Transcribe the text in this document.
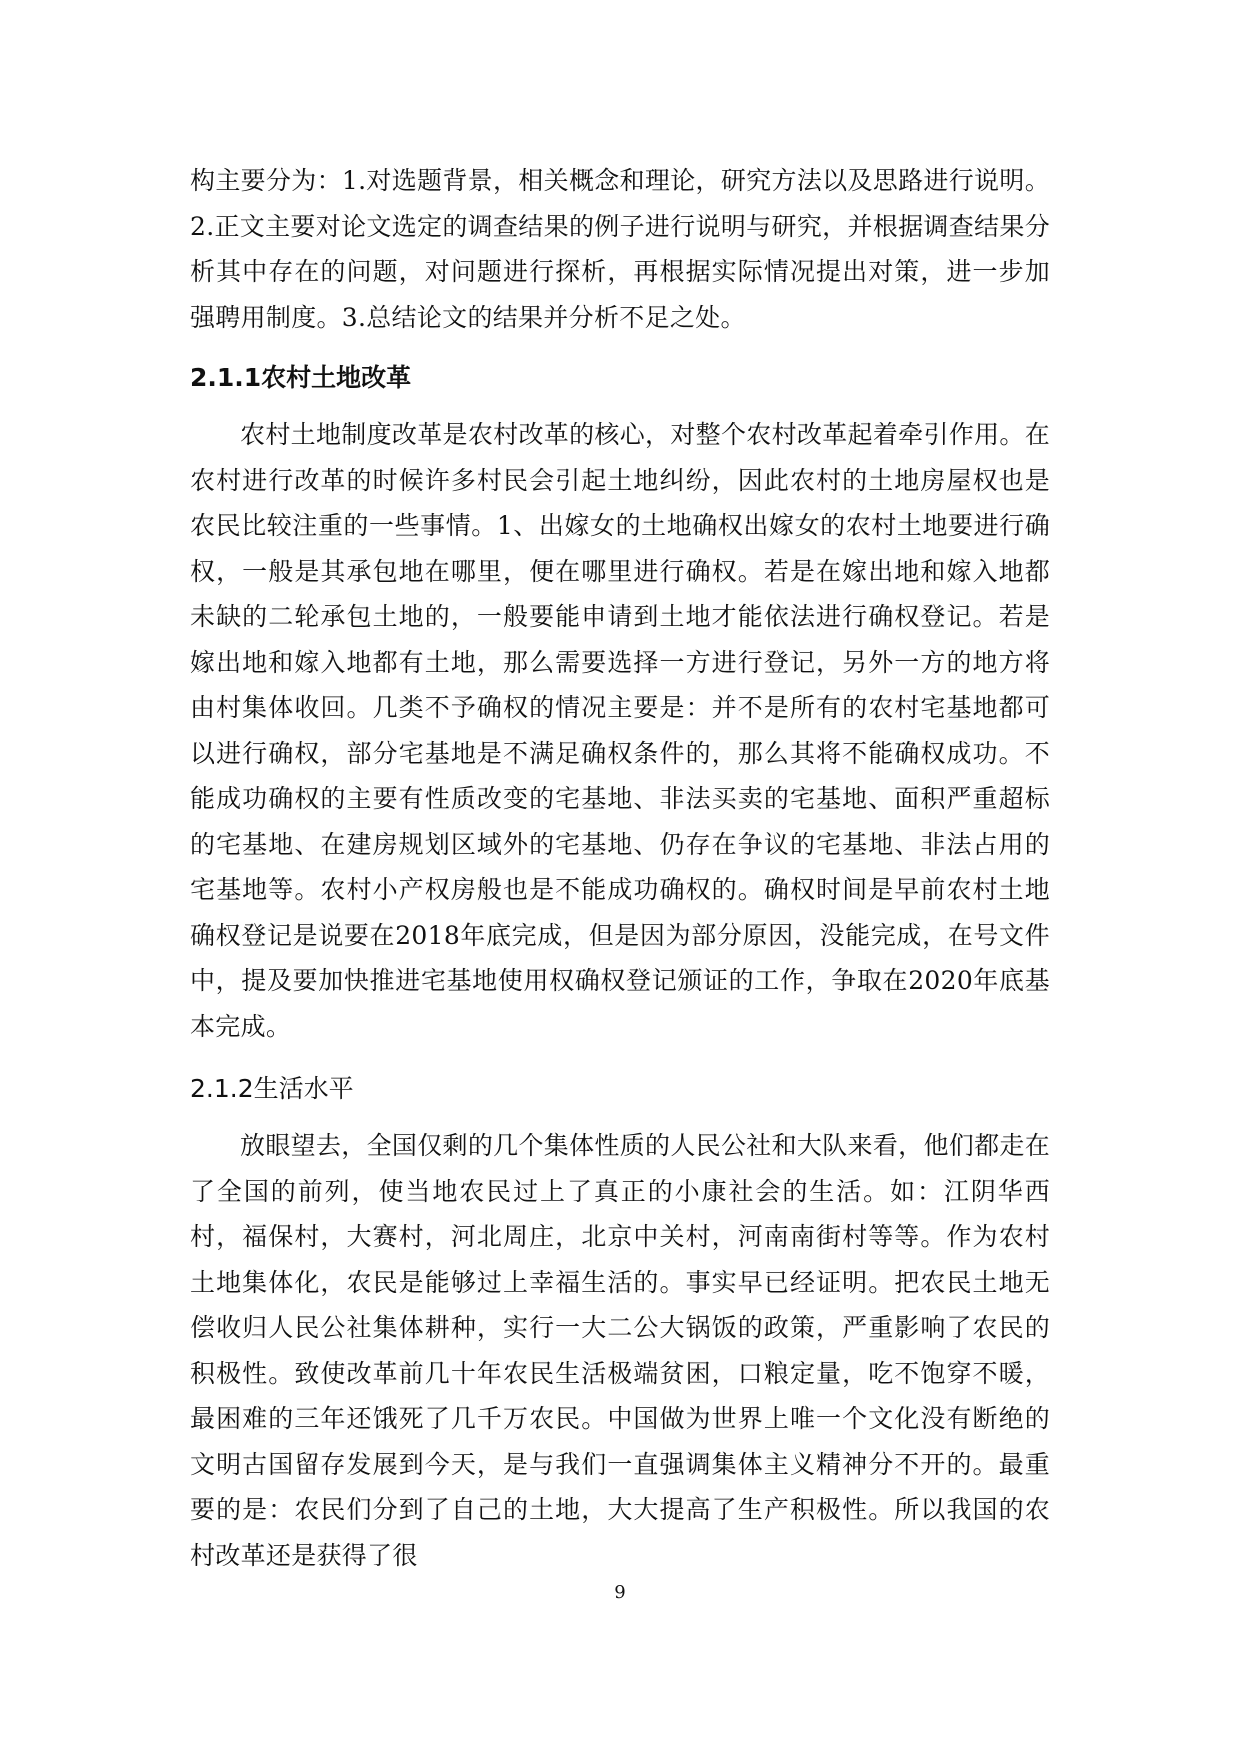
构主要分为：1.对选题背景，相关概念和理论，研究方法以及思路进行说明。2.正文主要对论文选定的调查结果的例子进行说明与研究，并根据调查结果分析其中存在的问题，对问题进行探析，再根据实际情况提出对策，进一步加强聘用制度。3.总结论文的结果并分析不足之处。

2.1.1农村土地改革

农村土地制度改革是农村改革的核心，对整个农村改革起着牵引作用。在农村进行改革的时候许多村民会引起土地纠纷，因此农村的土地房屋权也是农民比较注重的一些事情。1、出嫁女的土地确权出嫁女的农村土地要进行确权，一般是其承包地在哪里，便在哪里进行确权。若是在嫁出地和嫁入地都未缺的二轮承包土地的，一般要能申请到土地才能依法进行确权登记。若是嫁出地和嫁入地都有土地，那么需要选择一方进行登记，另外一方的地方将由村集体收回。几类不予确权的情况主要是：并不是所有的农村宅基地都可以进行确权，部分宅基地是不满足确权条件的，那么其将不能确权成功。不能成功确权的主要有性质改变的宅基地、非法买卖的宅基地、面积严重超标的宅基地、在建房规划区域外的宅基地、仍存在争议的宅基地、非法占用的宅基地等。农村小产权房般也是不能成功确权的。确权时间是早前农村土地确权登记是说要在2018年底完成，但是因为部分原因，没能完成，在号文件中，提及要加快推进宅基地使用权确权登记颁证的工作，争取在2020年底基本完成。

2.1.2生活水平

放眼望去，全国仅剩的几个集体性质的人民公社和大队来看，他们都走在了全国的前列，使当地农民过上了真正的小康社会的生活。如：江阴华西村，福保村，大赛村，河北周庄，北京中关村，河南南街村等等。作为农村土地集体化，农民是能够过上幸福生活的。事实早已经证明。把农民土地无偿收归人民公社集体耕种，实行一大二公大锅饭的政策，严重影响了农民的积极性。致使改革前几十年农民生活极端贫困，口粮定量，吃不饱穿不暖，最困难的三年还饿死了几千万农民。中国做为世界上唯一个文化没有断绝的文明古国留存发展到今天，是与我们一直强调集体主义精神分不开的。最重要的是：农民们分到了自己的土地，大大提高了生产积极性。所以我国的农村改革还是获得了很

9
